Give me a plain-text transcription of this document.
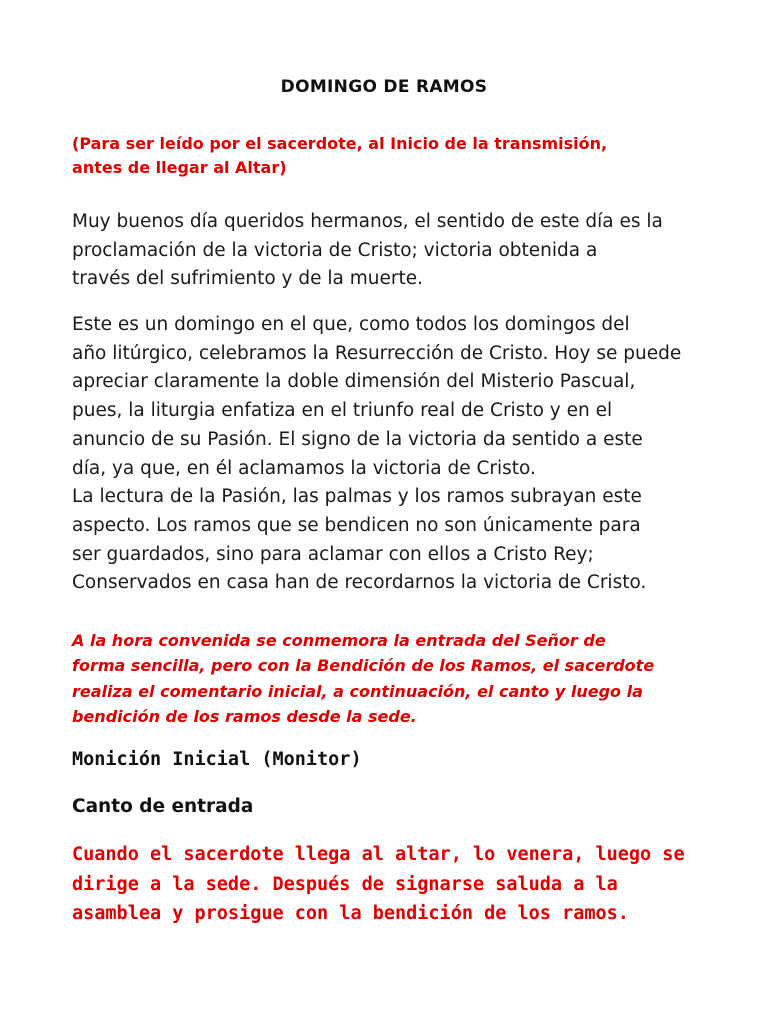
DOMINGO DE RAMOS
(Para ser leído por el sacerdote, al Inicio de la transmisión,
antes de llegar al Altar)
Muy buenos día queridos hermanos, el sentido de este día es la
proclamación de la victoria de Cristo; victoria obtenida a
través del sufrimiento y de la muerte.
Este es un domingo en el que, como todos los domingos del
año litúrgico, celebramos la Resurrección de Cristo. Hoy se puede
apreciar claramente la doble dimensión del Misterio Pascual,
pues, la liturgia enfatiza en el triunfo real de Cristo y en el
anuncio de su Pasión. El signo de la victoria da sentido a este
día, ya que, en él aclamamos la victoria de Cristo.
La lectura de la Pasión, las palmas y los ramos subrayan este
aspecto. Los ramos que se bendicen no son únicamente para
ser guardados, sino para aclamar con ellos a Cristo Rey;
Conservados en casa han de recordarnos la victoria de Cristo.
A la hora convenida se conmemora la entrada del Señor de
forma sencilla, pero con la Bendición de los Ramos, el sacerdote
realiza el comentario inicial, a continuación, el canto y luego la
bendición de los ramos desde la sede.
Monición Inicial (Monitor)
Canto de entrada
Cuando el sacerdote llega al altar, lo venera, luego se
dirige a la sede. Después de signarse saluda a la
asamblea y prosigue con la bendición de los ramos.
